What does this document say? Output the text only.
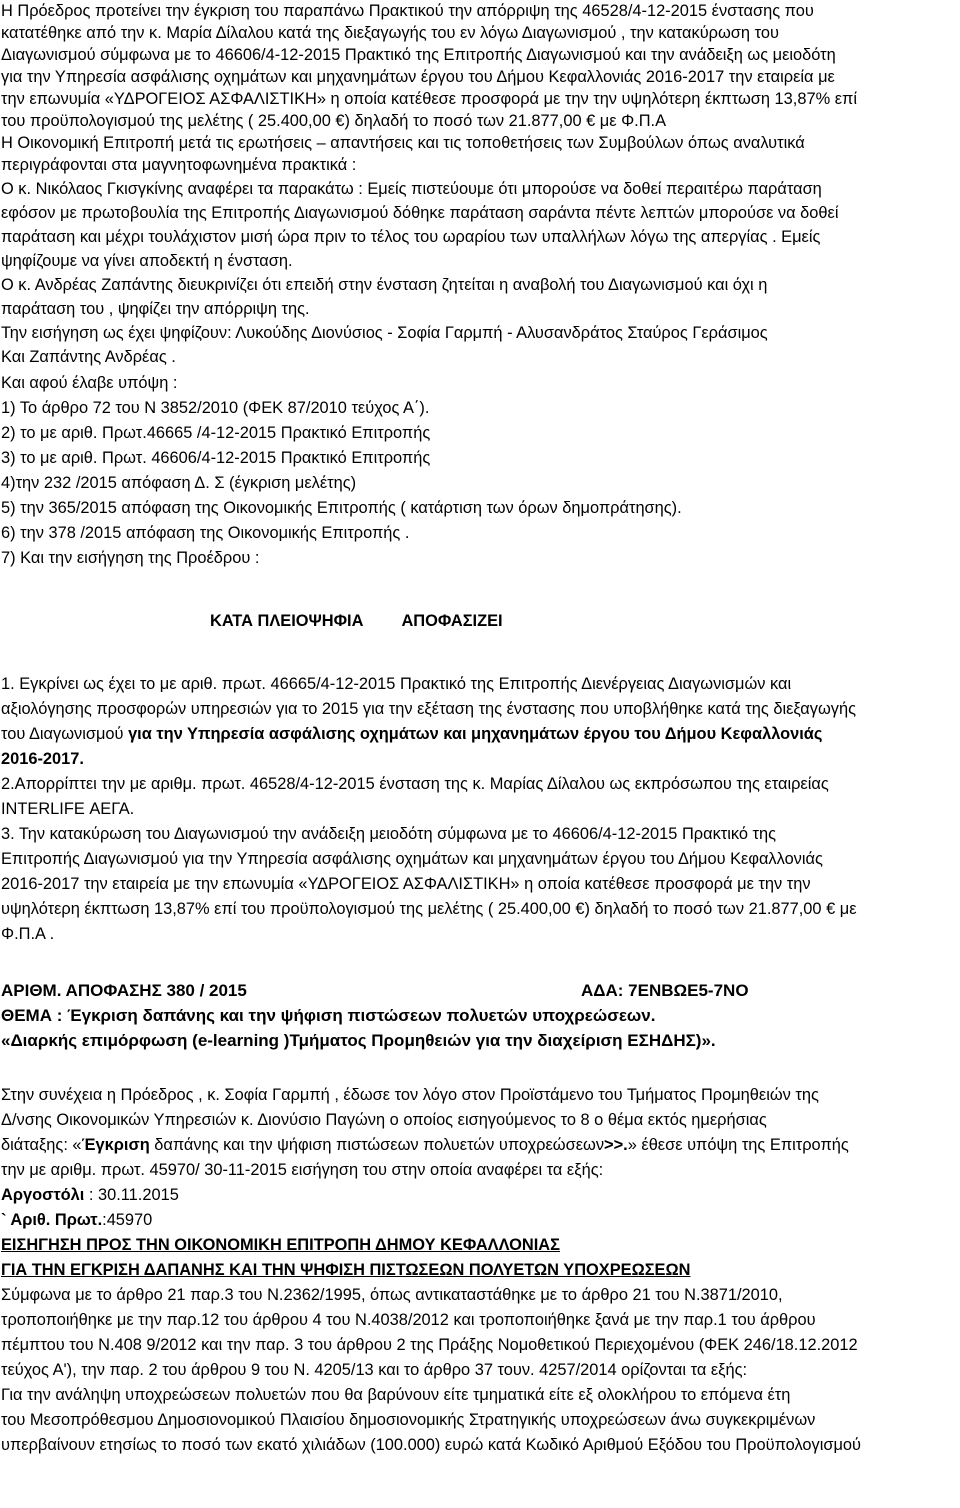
Η Πρόεδρος προτείνει την έγκριση του παραπάνω Πρακτικού την απόρριψη της 46528/4-12-2015 ένστασης που
κατατέθηκε από την κ. Μαρία Δίλαλου κατά της διεξαγωγής του εν λόγω Διαγωνισμού , την κατακύρωση του
Διαγωνισμού σύμφωνα με το 46606/4-12-2015 Πρακτικό της Επιτροπής Διαγωνισμού και την ανάδειξη ως μειοδότη
για την Υπηρεσία ασφάλισης οχημάτων και μηχανημάτων έργου του Δήμου Κεφαλλονιάς 2016-2017 την εταιρεία με
την επωνυμία «ΥΔΡΟΓΕΙΟΣ ΑΣΦΑΛΙΣΤΙΚΗ» η οποία κατέθεσε προσφορά με την την υψηλότερη έκπτωση 13,87% επί
του προϋπολογισμού της μελέτης ( 25.400,00 €) δηλαδή το ποσό των 21.877,00 € με Φ.Π.Α
Η Οικονομική Επιτροπή μετά τις ερωτήσεις – απαντήσεις και τις τοποθετήσεις των Συμβούλων όπως αναλυτικά
περιγράφονται στα μαγνητοφωνημένα πρακτικά :
Ο κ. Νικόλαος Γκισγκίνης αναφέρει τα παρακάτω : Εμείς πιστεύουμε ότι μπορούσε να δοθεί περαιτέρω παράταση
εφόσον με πρωτοβουλία της Επιτροπής Διαγωνισμού δόθηκε παράταση σαράντα πέντε λεπτών μπορούσε να δοθεί
παράταση και μέχρι τουλάχιστον μισή ώρα πριν το τέλος του ωραρίου των υπαλλήλων λόγω της απεργίας . Εμείς
ψηφίζουμε να γίνει αποδεκτή η ένσταση.
Ο κ. Ανδρέας Ζαπάντης διευκρινίζει ότι επειδή στην ένσταση ζητείται η αναβολή του Διαγωνισμού και όχι η
παράταση του , ψηφίζει την απόρριψη της.
Την εισήγηση ως έχει ψηφίζουν: Λυκούδης Διονύσιος - Σοφία Γαρμπή - Αλυσανδράτος Σταύρος Γεράσιμος
Και Ζαπάντης Ανδρέας .
Και αφού έλαβε υπόψη :
1) Το άρθρο 72 του Ν 3852/2010 (ΦΕΚ 87/2010 τεύχος Α΄).
2) το με αριθ. Πρωτ.46665 /4-12-2015 Πρακτικό Επιτροπής
3) το με αριθ. Πρωτ. 46606/4-12-2015 Πρακτικό Επιτροπής
4)την 232 /2015 απόφαση Δ. Σ (έγκριση μελέτης)
5) την 365/2015 απόφαση της Οικονομικής Επιτροπής ( κατάρτιση των όρων δημοπράτησης).
6) την 378 /2015 απόφαση της Οικονομικής Επιτροπής .
7) Και την εισήγηση της Προέδρου :
ΚΑΤΑ ΠΛΕΙΟΨΗΦΙΑ ΑΠΟΦΑΣΙΖΕΙ
1. Εγκρίνει ως έχει το με αριθ. πρωτ. 46665/4-12-2015 Πρακτικό της Επιτροπής Διενέργειας Διαγωνισμών και
αξιολόγησης προσφορών υπηρεσιών για το 2015 για την εξέταση της ένστασης που υποβλήθηκε κατά της διεξαγωγής
του Διαγωνισμού για την Υπηρεσία ασφάλισης οχημάτων και μηχανημάτων έργου του Δήμου Κεφαλλονιάς
2016-2017.
2.Απορρίπτει την με αριθμ. πρωτ. 46528/4-12-2015 ένσταση της κ. Μαρίας Δίλαλου ως εκπρόσωπου της εταιρείας
INTERLIFE ΑΕΓΑ.
3. Την κατακύρωση του Διαγωνισμού την ανάδειξη μειοδότη σύμφωνα με το 46606/4-12-2015 Πρακτικό της
Επιτροπής Διαγωνισμού για την Υπηρεσία ασφάλισης οχημάτων και μηχανημάτων έργου του Δήμου Κεφαλλονιάς
2016-2017 την εταιρεία με την επωνυμία «ΥΔΡΟΓΕΙΟΣ ΑΣΦΑΛΙΣΤΙΚΗ» η οποία κατέθεσε προσφορά με την την
υψηλότερη έκπτωση 13,87% επί του προϋπολογισμού της μελέτης ( 25.400,00 €) δηλαδή το ποσό των 21.877,00 € με
Φ.Π.Α .
ΑΡΙΘΜ. ΑΠΟΦΑΣΗΣ 380 / 2015	ΑΔΑ: 7ΕΝΒΩΕ5-7ΝΟ
ΘΕΜΑ : Έγκριση δαπάνης και την ψήφιση πιστώσεων πολυετών υποχρεώσεων.
«Διαρκής επιμόρφωση (e-learning )Τμήματος Προμηθειών για την διαχείριση ΕΣΗΔΗΣ)».
Στην συνέχεια η Πρόεδρος , κ. Σοφία Γαρμπή , έδωσε τον λόγο στον Προϊστάμενο του Τμήματος Προμηθειών της
Δ/νσης Οικονομικών Υπηρεσιών κ. Διονύσιο Παγώνη ο οποίος εισηγούμενος το 8 ο θέμα εκτός ημερήσιας
διάταξης: «Έγκριση δαπάνης και την ψήφιση πιστώσεων πολυετών υποχρεώσεων>>.» έθεσε υπόψη της Επιτροπής
την με αριθμ. πρωτ. 45970/ 30-11-2015 εισήγηση του στην οποία αναφέρει τα εξής:
Αργοστόλι : 30.11.2015
` Αριθ. Πρωτ.:45970
ΕΙΣΗΓΗΣΗ ΠΡΟΣ ΤΗΝ ΟΙΚΟΝΟΜΙΚΗ ΕΠΙΤΡΟΠΗ ΔΗΜΟΥ ΚΕΦΑΛΛΟΝΙΑΣ
ΓΙΑ ΤΗΝ ΕΓΚΡΙΣΗ ΔΑΠΑΝΗΣ ΚΑΙ ΤΗΝ ΨΗΦΙΣΗ ΠΙΣΤΩΣΕΩΝ ΠΟΛΥΕΤΩΝ ΥΠΟΧΡΕΩΣΕΩΝ
Σύμφωνα με το άρθρο 21 παρ.3 του Ν.2362/1995, όπως αντικαταστάθηκε με το άρθρο 21 του Ν.3871/2010,
τροποποιήθηκε με την παρ.12 του άρθρου 4 του Ν.4038/2012 και τροποποιήθηκε ξανά με την παρ.1 του άρθρου
πέμπτου του Ν.408 9/2012 και την παρ. 3 του άρθρου 2 της Πράξης Νομοθετικού Περιεχομένου (ΦΕΚ 246/18.12.2012
τεύχος Α'), την παρ. 2 του άρθρου 9 του Ν. 4205/13 και το άρθρο 37 τουν. 4257/2014 ορίζονται τα εξής:
Για την ανάληψη υποχρεώσεων πολυετών που θα βαρύνουν είτε τμηματικά είτε εξ ολοκλήρου το επόμενα έτη
του Μεσοπρόθεσμου Δημοσιονομικού Πλαισίου δημοσιονομικής Στρατηγικής υποχρεώσεων άνω συγκεκριμένων
υπερβαίνουν ετησίως το ποσό των εκατό χιλιάδων (100.000) ευρώ κατά Κωδικό Αριθμού Εξόδου του Προϋπολογισμού
